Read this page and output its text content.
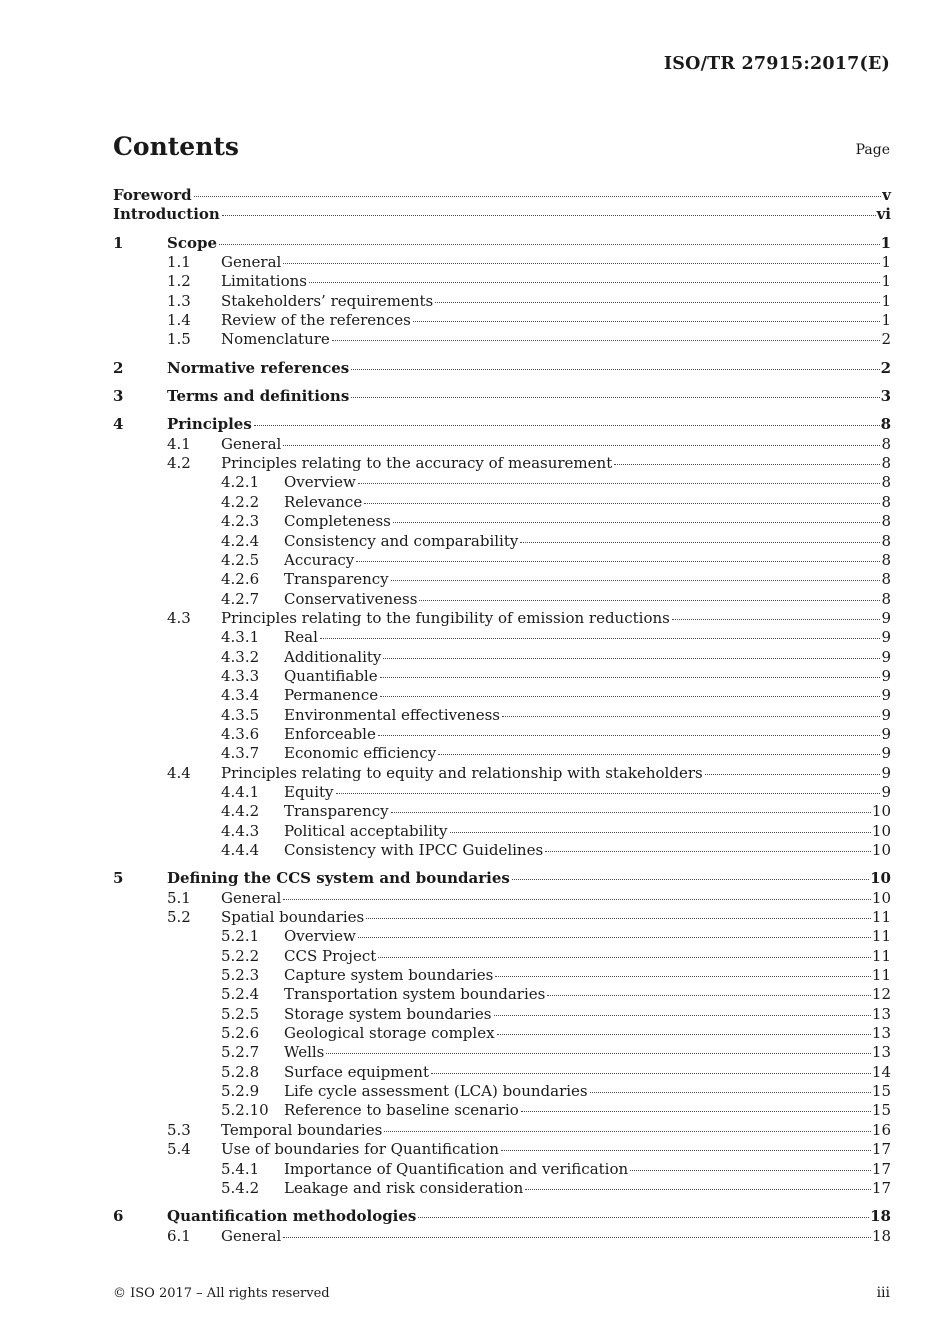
ISO/TR 27915:2017(E)
Contents	Page
Foreword	v
Introduction	vi
1	Scope	1
1.1 General	1
1.2 Limitations	1
1.3 Stakeholders’ requirements	1
1.4 Review of the references	1
1.5 Nomenclature	2
2	Normative references	2
3	Terms and definitions	3
4	Principles	8
4.1 General	8
4.2 Principles relating to the accuracy of measurement	8
4.2.1 Overview	8
4.2.2 Relevance	8
4.2.3 Completeness	8
4.2.4 Consistency and comparability	8
4.2.5 Accuracy	8
4.2.6 Transparency	8
4.2.7 Conservativeness	8
4.3 Principles relating to the fungibility of emission reductions	9
4.3.1 Real	9
4.3.2 Additionality	9
4.3.3 Quantifiable	9
4.3.4 Permanence	9
4.3.5 Environmental effectiveness	9
4.3.6 Enforceable	9
4.3.7 Economic efficiency	9
4.4 Principles relating to equity and relationship with stakeholders	9
4.4.1 Equity	9
4.4.2 Transparency	10
4.4.3 Political acceptability	10
4.4.4 Consistency with IPCC Guidelines	10
5	Defining the CCS system and boundaries	10
5.1 General	10
5.2 Spatial boundaries	11
5.2.1 Overview	11
5.2.2 CCS Project	11
5.2.3 Capture system boundaries	11
5.2.4 Transportation system boundaries	12
5.2.5 Storage system boundaries	13
5.2.6 Geological storage complex	13
5.2.7 Wells	13
5.2.8 Surface equipment	14
5.2.9 Life cycle assessment (LCA) boundaries	15
5.2.10 Reference to baseline scenario	15
5.3 Temporal boundaries	16
5.4 Use of boundaries for Quantification	17
5.4.1 Importance of Quantification and verification	17
5.4.2 Leakage and risk consideration	17
6	Quantification methodologies	18
6.1 General	18
© ISO 2017 – All rights reserved	iii
